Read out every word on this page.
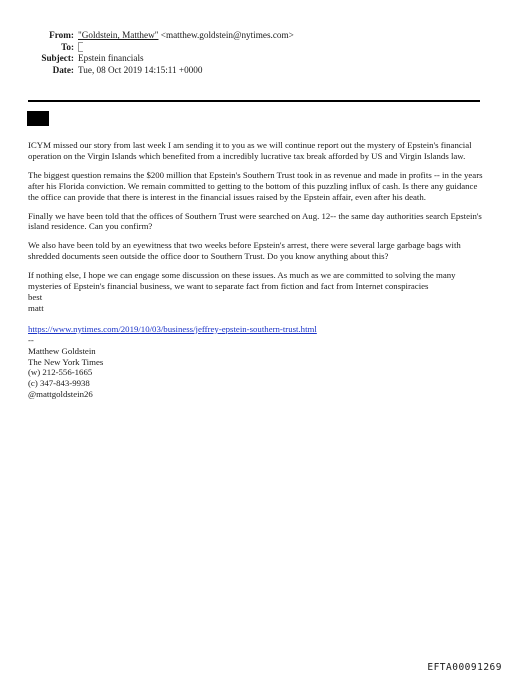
From: "Goldstein, Matthew" <matthew.goldstein@nytimes.com>
To:
Subject: Epstein financials
Date: Tue, 08 Oct 2019 14:15:11 +0000

ICYM missed our story from last week I am sending it to you as we will continue report out the mystery of Epstein's financial operation on the Virgin Islands which benefited from a incredibly lucrative tax break afforded by US and Virgin Islands law.

The biggest question remains the $200 million that Epstein's Southern Trust took in as revenue and made in profits -- in the years after his Florida conviction. We remain committed to getting to the bottom of this puzzling influx of cash. Is there any guidance the office can provide that there is interest in the financial issues raised by the Epstein affair, even after his death.

Finally we have been told that the offices of Southern Trust were searched on Aug. 12-- the same day authorities search Epstein's island residence. Can you confirm?

We also have been told by an eyewitness that two weeks before Epstein's arrest, there were several large garbage bags with shredded documents seen outside the office door to Southern Trust. Do you know anything about this?

If nothing else, I hope we can engage some discussion on these issues. As much as we are committed to solving the many mysteries of Epstein's financial business, we want to separate fact from fiction and fact from Internet conspiracies

best
matt
https://www.nytimes.com/2019/10/03/business/jeffrey-epstein-southern-trust.html
--
Matthew Goldstein
The New York Times
(w) 212-556-1665
(c) 347-843-9938
@mattgoldstein26
EFTA00091269
